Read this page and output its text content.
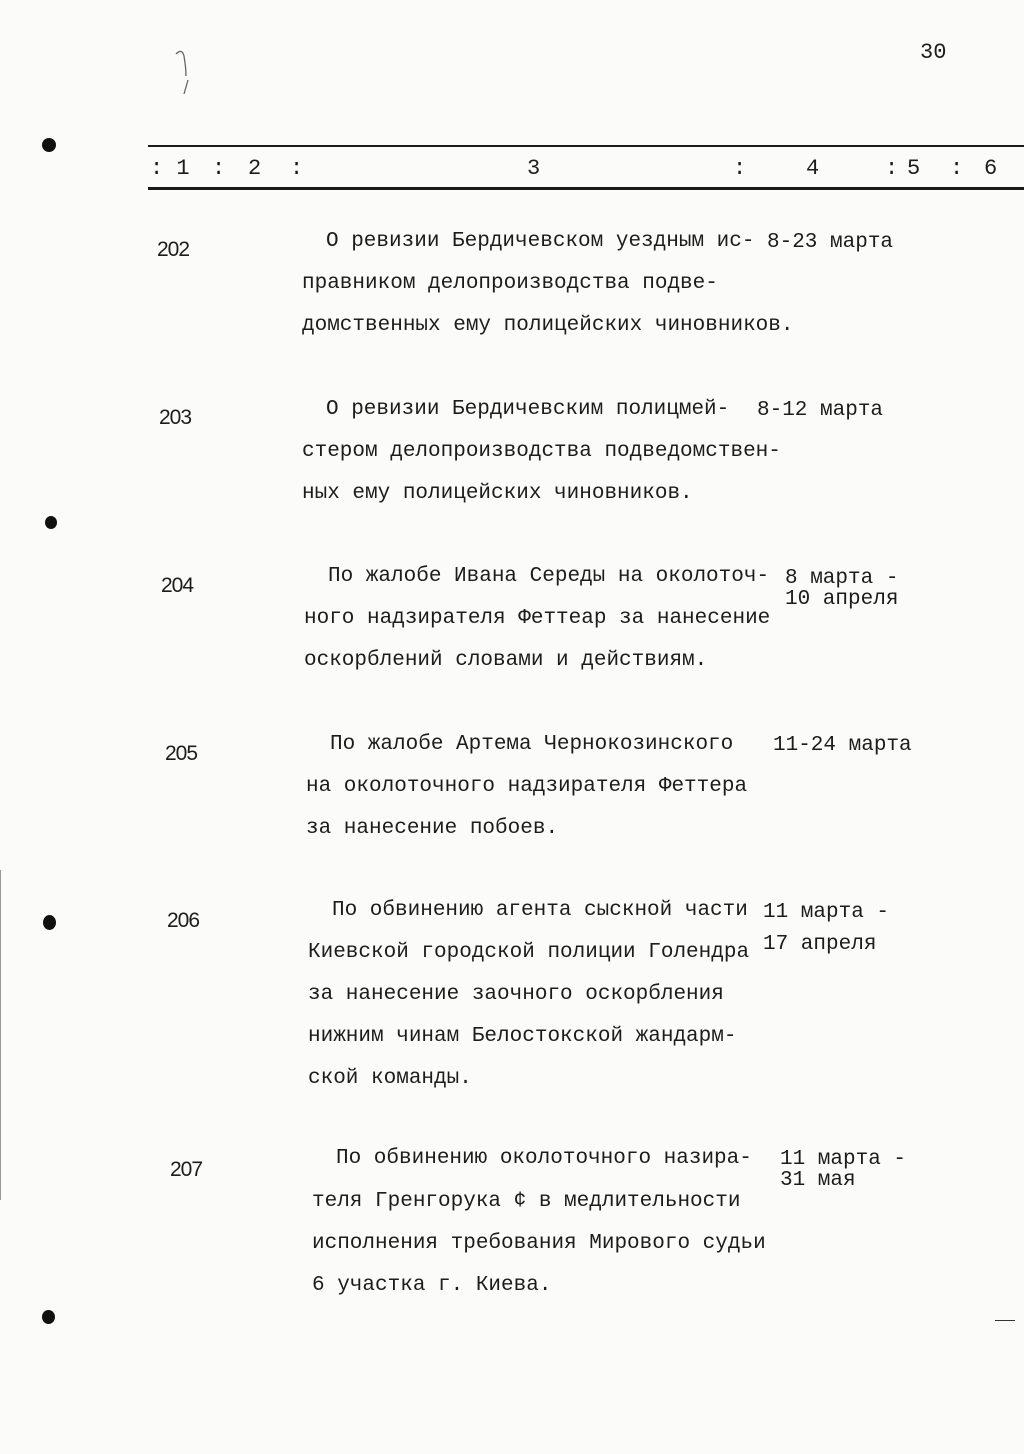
30
: 1 : 2 :	3	:	4	: 5 : 6
202	О ревизии Бердичевском уездным ис-
правником делопроизводства подве-
домственных ему полицейских чиновников.
8-23 марта
203	О ревизии Бердичевским полицмей-
стером делопроизводства подведомствен-
ных ему полицейских чиновников.
8-12 марта
204	По жалобе Ивана Середы на околоточ-
ного надзирателя Феттеар за нанесение
оскорблений словами и действиям.
8 марта -
10 апреля
205	По жалобе Артема Чернокозинского
на околоточного надзирателя Феттера
за нанесение побоев.
11-24 марта
206	По обвинению агента сыскной части
Киевской городской полиции Голендра
за нанесение заочного оскорбления
нижним чинам Белостокской жандарм-
ской команды.
11 марта -
17 апреля
207	По обвинению околоточного назира-
теля Гренгорука ¢ в медлительности
исполнения требования Мирового судьи
6 участка г. Киева.
11 марта -
31 мая
